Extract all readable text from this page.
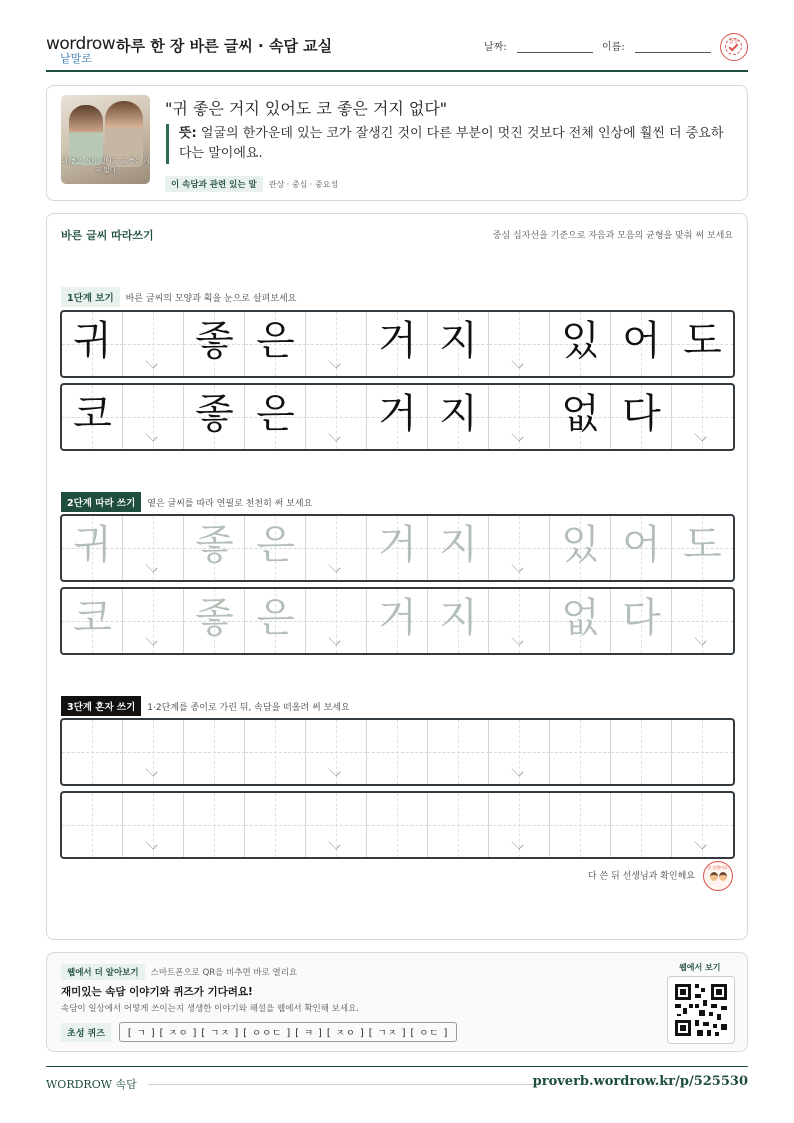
wordrow
낱말로
하루 한 장 바른 글씨 · 속담 교실	날짜:	이름:	참잘
귀 좋은 거지 있어도 코 좋은 거지 없다
"귀 좋은 거지 있어도 코 좋은 거지 없다"
뜻: 얼굴의 한가운데 있는 코가 잘생긴 것이 다른 부분이 멋진 것보다 전체 인상에 훨씬 더 중요하다는 말이에요.
이 속담과 관련 있는 말 관상 · 중심 · 중요성
바른 글씨 따라쓰기	중심 십자선을 기준으로 자음과 모음의 균형을 맞춰 써 보세요
1단계 보기 바른 글씨의 모양과 획을 눈으로 살펴보세요
귀 좋 은 거 지 있 어 도
코 좋 은 거 지 없 다
2단계 따라 쓰기 옅은 글씨를 따라 연필로 천천히 써 보세요
귀 좋 은 거 지 있 어 도
코 좋 은 거 지 없 다
3단계 혼자 쓰기 1·2단계를 종이로 가린 뒤, 속담을 떠올려 써 보세요
다 쓴 뒤 선생님과 확인해요
참 잘했어요
웹에서 더 알아보기 스마트폰으로 QR을 비추면 바로 열리요
재미있는 속담 이야기와 퀴즈가 기다려요!
속담이 일상에서 어떻게 쓰이는지 생생한 이야기와 해설을 웹에서 확인해 보세요.
초성 퀴즈 [ ㄱ ] [ ㅈㅇ ] [ ㄱㅈ ] [ ㅇㅇㄷ ] [ ㅋ ] [ ㅈㅇ ] [ ㄱㅈ ] [ ㅇㄷ ]
웹에서 보기
WORDROW 속담	proverb.wordrow.kr/p/525530
